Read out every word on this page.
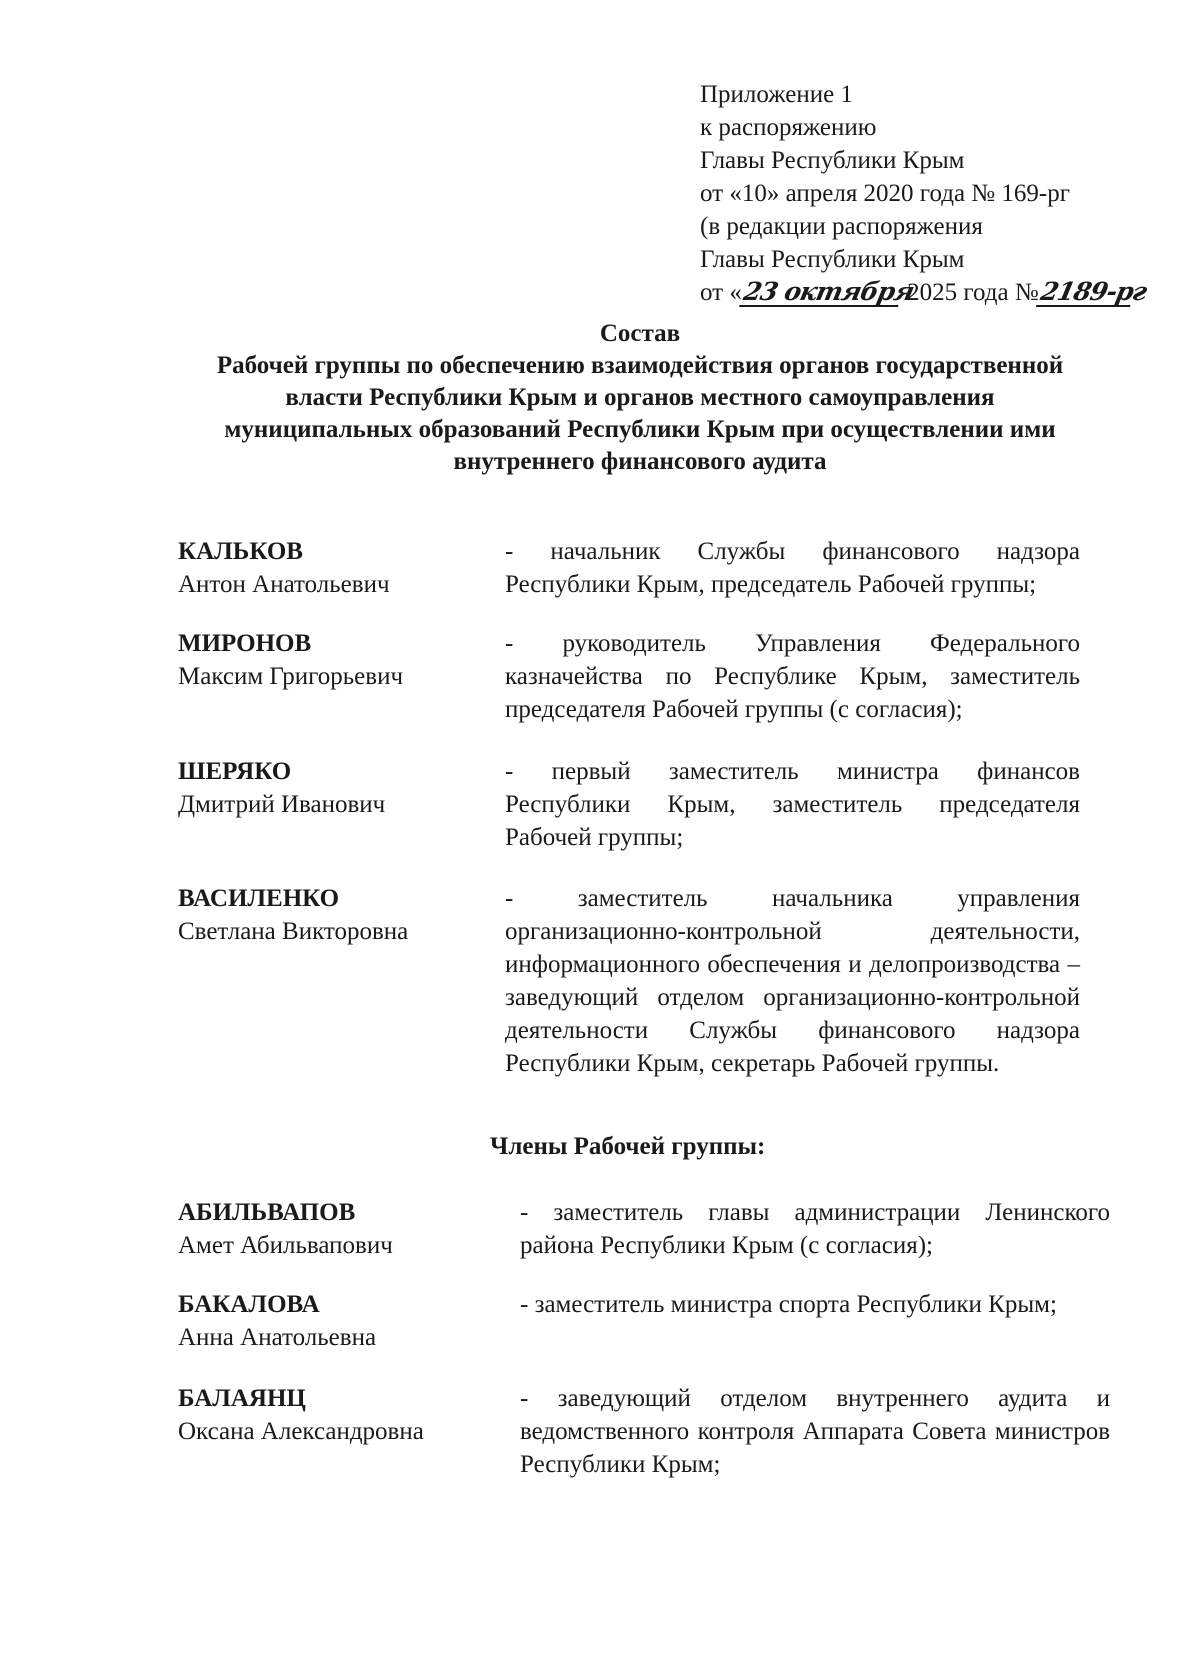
Приложение 1
к распоряжению
Главы Республики Крым
от «10» апреля 2020 года № 169-рг
(в редакции распоряжения
Главы Республики Крым
от «23 октября 2025 года №2189-рг
Состав
Рабочей группы по обеспечению взаимодействия органов государственной
власти Республики Крым и органов местного самоуправления
муниципальных образований Республики Крым при осуществлении ими
внутреннего финансового аудита
КАЛЬКОВ
Антон Анатольевич
- начальник Службы финансового надзора Республики Крым, председатель Рабочей группы;
МИРОНОВ
Максим Григорьевич
- руководитель Управления Федерального казначейства по Республике Крым, заместитель председателя Рабочей группы (с согласия);
ШЕРЯКО
Дмитрий Иванович
- первый заместитель министра финансов Республики Крым, заместитель председателя Рабочей группы;
ВАСИЛЕНКО
Светлана Викторовна
- заместитель начальника управления организационно-контрольной деятельности, информационного обеспечения и делопроизводства – заведующий отделом организационно-контрольной деятельности Службы финансового надзора Республики Крым, секретарь Рабочей группы.
Члены Рабочей группы:
АБИЛЬВАПОВ
Амет Абильвапович
- заместитель главы администрации Ленинского района Республики Крым (с согласия);
БАКАЛОВА
Анна Анатольевна
- заместитель министра спорта Республики Крым;
БАЛАЯНЦ
Оксана Александровна
- заведующий отделом внутреннего аудита и ведомственного контроля Аппарата Совета министров Республики Крым;
